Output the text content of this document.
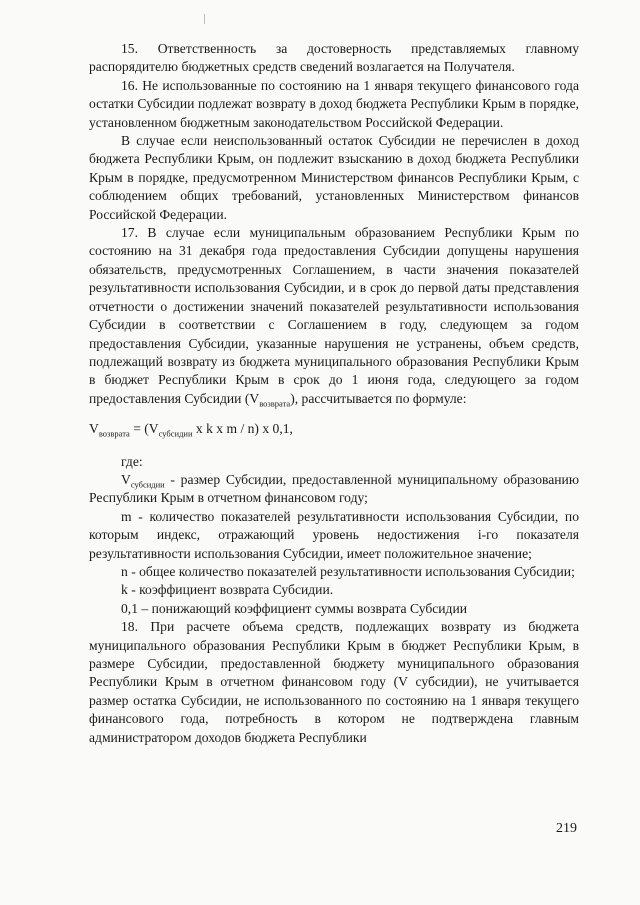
15. Ответственность за достоверность представляемых главному распорядителю бюджетных средств сведений возлагается на Получателя.

16. Не использованные по состоянию на 1 января текущего финансового года остатки Субсидии подлежат возврату в доход бюджета Республики Крым в порядке, установленном бюджетным законодательством Российской Федерации.

В случае если неиспользованный остаток Субсидии не перечислен в доход бюджета Республики Крым, он подлежит взысканию в доход бюджета Республики Крым в порядке, предусмотренном Министерством финансов Республики Крым, с соблюдением общих требований, установленных Министерством финансов Российской Федерации.

17. В случае если муниципальным образованием Республики Крым по состоянию на 31 декабря года предоставления Субсидии допущены нарушения обязательств, предусмотренных Соглашением, в части значения показателей результативности использования Субсидии, и в срок до первой даты представления отчетности о достижении значений показателей результативности использования Субсидии в соответствии с Соглашением в году, следующем за годом предоставления Субсидии, указанные нарушения не устранены, объем средств, подлежащий возврату из бюджета муниципального образования Республики Крым в бюджет Республики Крым в срок до 1 июня года, следующего за годом предоставления Субсидии $(V_{возврата})$, рассчитывается по формуле:

$V_{возврата} = (V_{субсидии}$ x k x m / n) x 0,1,

где:

$V_{субсидии}$ - размер Субсидии, предоставленной муниципальному образованию Республики Крым в отчетном финансовом году;

m - количество показателей результативности использования Субсидии, по которым индекс, отражающий уровень недостижения i-го показателя результативности использования Субсидии, имеет положительное значение;

n - общее количество показателей результативности использования Субсидии;

k - коэффициент возврата Субсидии.

0,1 – понижающий коэффициент суммы возврата Субсидии

18. При расчете объема средств, подлежащих возврату из бюджета муниципального образования Республики Крым в бюджет Республики Крым, в размере Субсидии, предоставленной бюджету муниципального образования Республики Крым в отчетном финансовом году (V субсидии), не учитывается размер остатка Субсидии, не использованного по состоянию на 1 января текущего финансового года, потребность в котором не подтверждена главным администратором доходов бюджета Республики

219
